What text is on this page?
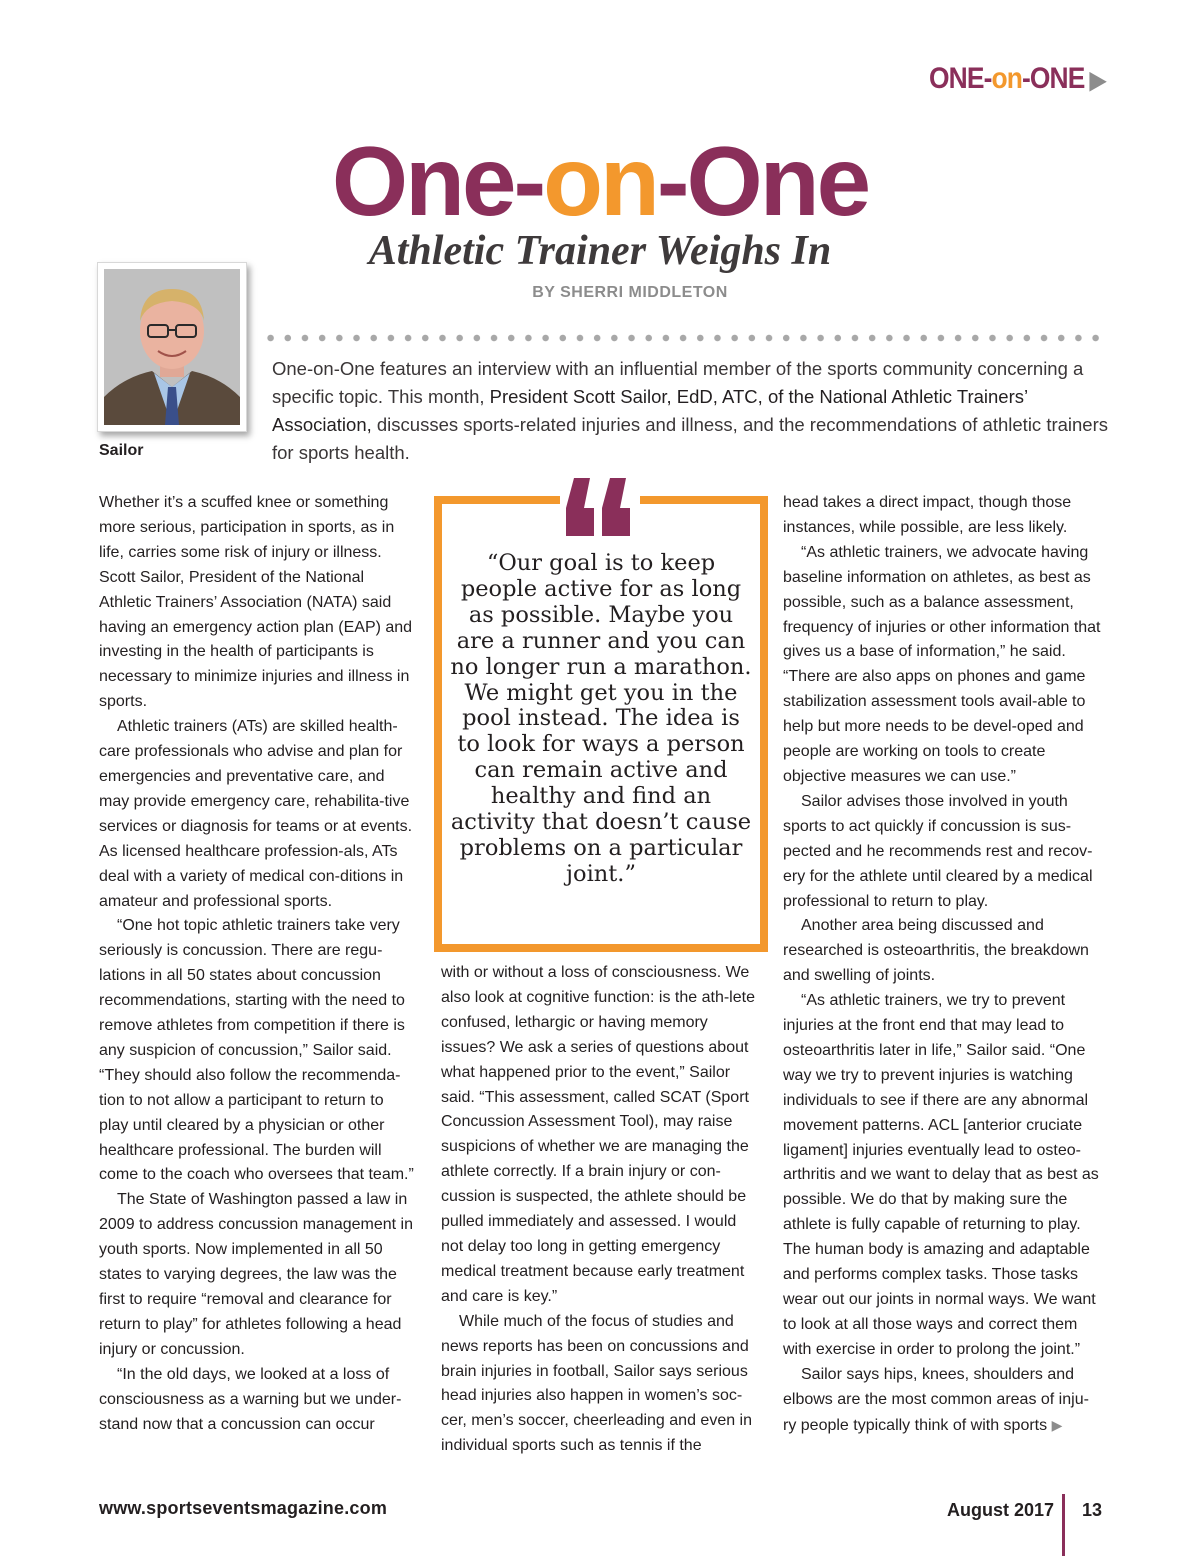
ONE-on-ONE ▶
One-on-One
Athletic Trainer Weighs In
BY SHERRI MIDDLETON
Sailor
One-on-One features an interview with an influential member of the sports community concerning a specific topic. This month, President Scott Sailor, EdD, ATC, of the National Athletic Trainers’ Association, discusses sports-related injuries and illness, and the recommendations of athletic trainers for sports health.

Whether it’s a scuffed knee or something more serious, participation in sports, as in life, carries some risk of injury or illness. Scott Sailor, President of the National Athletic Trainers’ Association (NATA) said having an emergency action plan (EAP) and investing in the health of participants is necessary to minimize injuries and illness in sports.

Athletic trainers (ATs) are skilled health-care professionals who advise and plan for emergencies and preventative care, and may provide emergency care, rehabilita-tive services or diagnosis for teams or at events. As licensed healthcare profession-als, ATs deal with a variety of medical con-ditions in amateur and professional sports.

“One hot topic athletic trainers take very seriously is concussion. There are regu-lations in all 50 states about concussion recommendations, starting with the need to remove athletes from competition if there is any suspicion of concussion,” Sailor said. “They should also follow the recommenda-tion to not allow a participant to return to play until cleared by a physician or other healthcare professional. The burden will come to the coach who oversees that team.”

The State of Washington passed a law in 2009 to address concussion management in youth sports. Now implemented in all 50 states to varying degrees, the law was the first to require “removal and clearance for return to play” for athletes following a head injury or concussion.

“In the old days, we looked at a loss of consciousness as a warning but we under-stand now that a concussion can occur

“Our goal is to keep people active for as long as possible. Maybe you are a runner and you can no longer run a marathon. We might get you in the pool instead. The idea is to look for ways a person can remain active and healthy and find an activity that doesn’t cause problems on a particular joint.”

with or without a loss of consciousness. We also look at cognitive function: is the ath-lete confused, lethargic or having memory issues? We ask a series of questions about what happened prior to the event,” Sailor said. “This assessment, called SCAT (Sport Concussion Assessment Tool), may raise suspicions of whether we are managing the athlete correctly. If a brain injury or con-cussion is suspected, the athlete should be pulled immediately and assessed. I would not delay too long in getting emergency medical treatment because early treatment and care is key.”

While much of the focus of studies and news reports has been on concussions and brain injuries in football, Sailor says serious head injuries also happen in women’s soc-cer, men’s soccer, cheerleading and even in individual sports such as tennis if the

head takes a direct impact, though those instances, while possible, are less likely.

“As athletic trainers, we advocate having baseline information on athletes, as best as possible, such as a balance assessment, frequency of injuries or other information that gives us a base of information,” he said. “There are also apps on phones and game stabilization assessment tools avail-able to help but more needs to be devel-oped and people are working on tools to create objective measures we can use.”

Sailor advises those involved in youth sports to act quickly if concussion is sus-pected and he recommends rest and recov-ery for the athlete until cleared by a medical professional to return to play.

Another area being discussed and researched is osteoarthritis, the breakdown and swelling of joints.

“As athletic trainers, we try to prevent injuries at the front end that may lead to osteoarthritis later in life,” Sailor said. “One way we try to prevent injuries is watching individuals to see if there are any abnormal movement patterns. ACL [anterior cruciate ligament] injuries eventually lead to osteo-arthritis and we want to delay that as best as possible. We do that by making sure the athlete is fully capable of returning to play. The human body is amazing and adaptable and performs complex tasks. Those tasks wear out our joints in normal ways. We want to look at all those ways and correct them with exercise in order to prolong the joint.”

Sailor says hips, knees, shoulders and elbows are the most common areas of inju-ry people typically think of with sports ▶

www.sportseventsmagazine.com	August 2017 13
